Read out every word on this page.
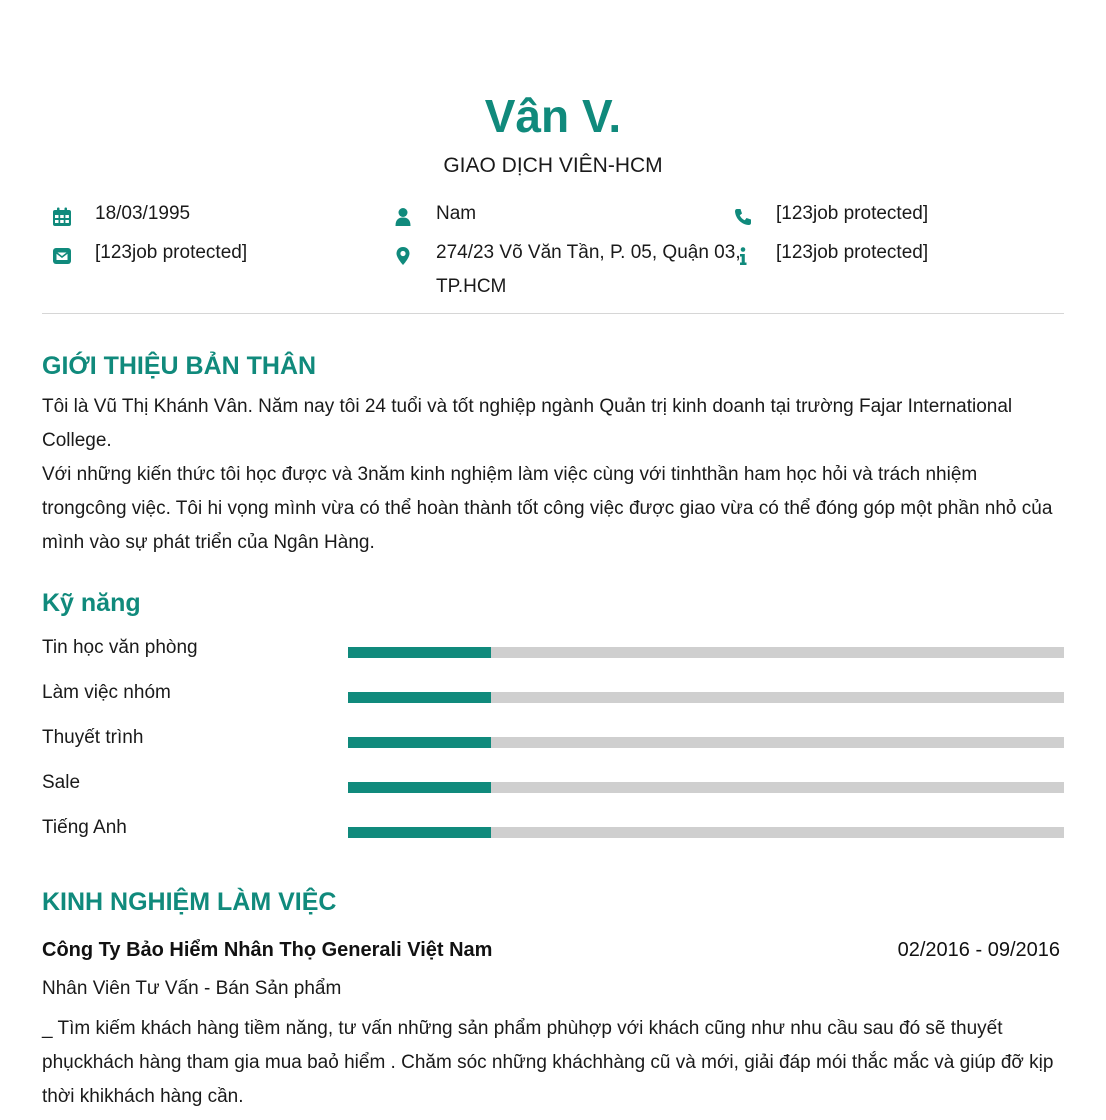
Vân V.
GIAO DỊCH VIÊN-HCM
18/03/1995
[123job protected]
Nam
274/23 Võ Văn Tần, P. 05, Quận 03, TP.HCM
[123job protected]
[123job protected]
GIỚI THIỆU BẢN THÂN

Tôi là Vũ Thị Khánh Vân. Năm nay tôi 24 tuổi và tốt nghiệp ngành Quản trị kinh doanh tại trường Fajar International College.

Với những kiến thức tôi học được và 3năm kinh nghiệm làm việc cùng với tinhthần ham học hỏi và trách nhiệm trongcông việc. Tôi hi vọng mình vừa có thể hoàn thành tốt công việc được giao vừa có thể đóng góp một phần nhỏ của mình vào sự phát triển của Ngân Hàng.

Kỹ năng
Tin học văn phòng
Làm việc nhóm
Thuyết trình
Sale
Tiếng Anh
KINH NGHIỆM LÀM VIỆC
Công Ty Bảo Hiểm Nhân Thọ Generali Việt Nam	02/2016 - 09/2016
Nhân Viên Tư Vấn - Bán Sản phẩm
_ Tìm kiếm khách hàng tiềm năng, tư vấn những sản phẩm phùhợp với khách cũng như nhu cầu sau đó sẽ thuyết phụckhách hàng tham gia mua baỏ hiểm . Chăm sóc những kháchhàng cũ và mới, giải đáp mói thắc mắc và giúp đỡ kịp thời khikhách hàng cần.
